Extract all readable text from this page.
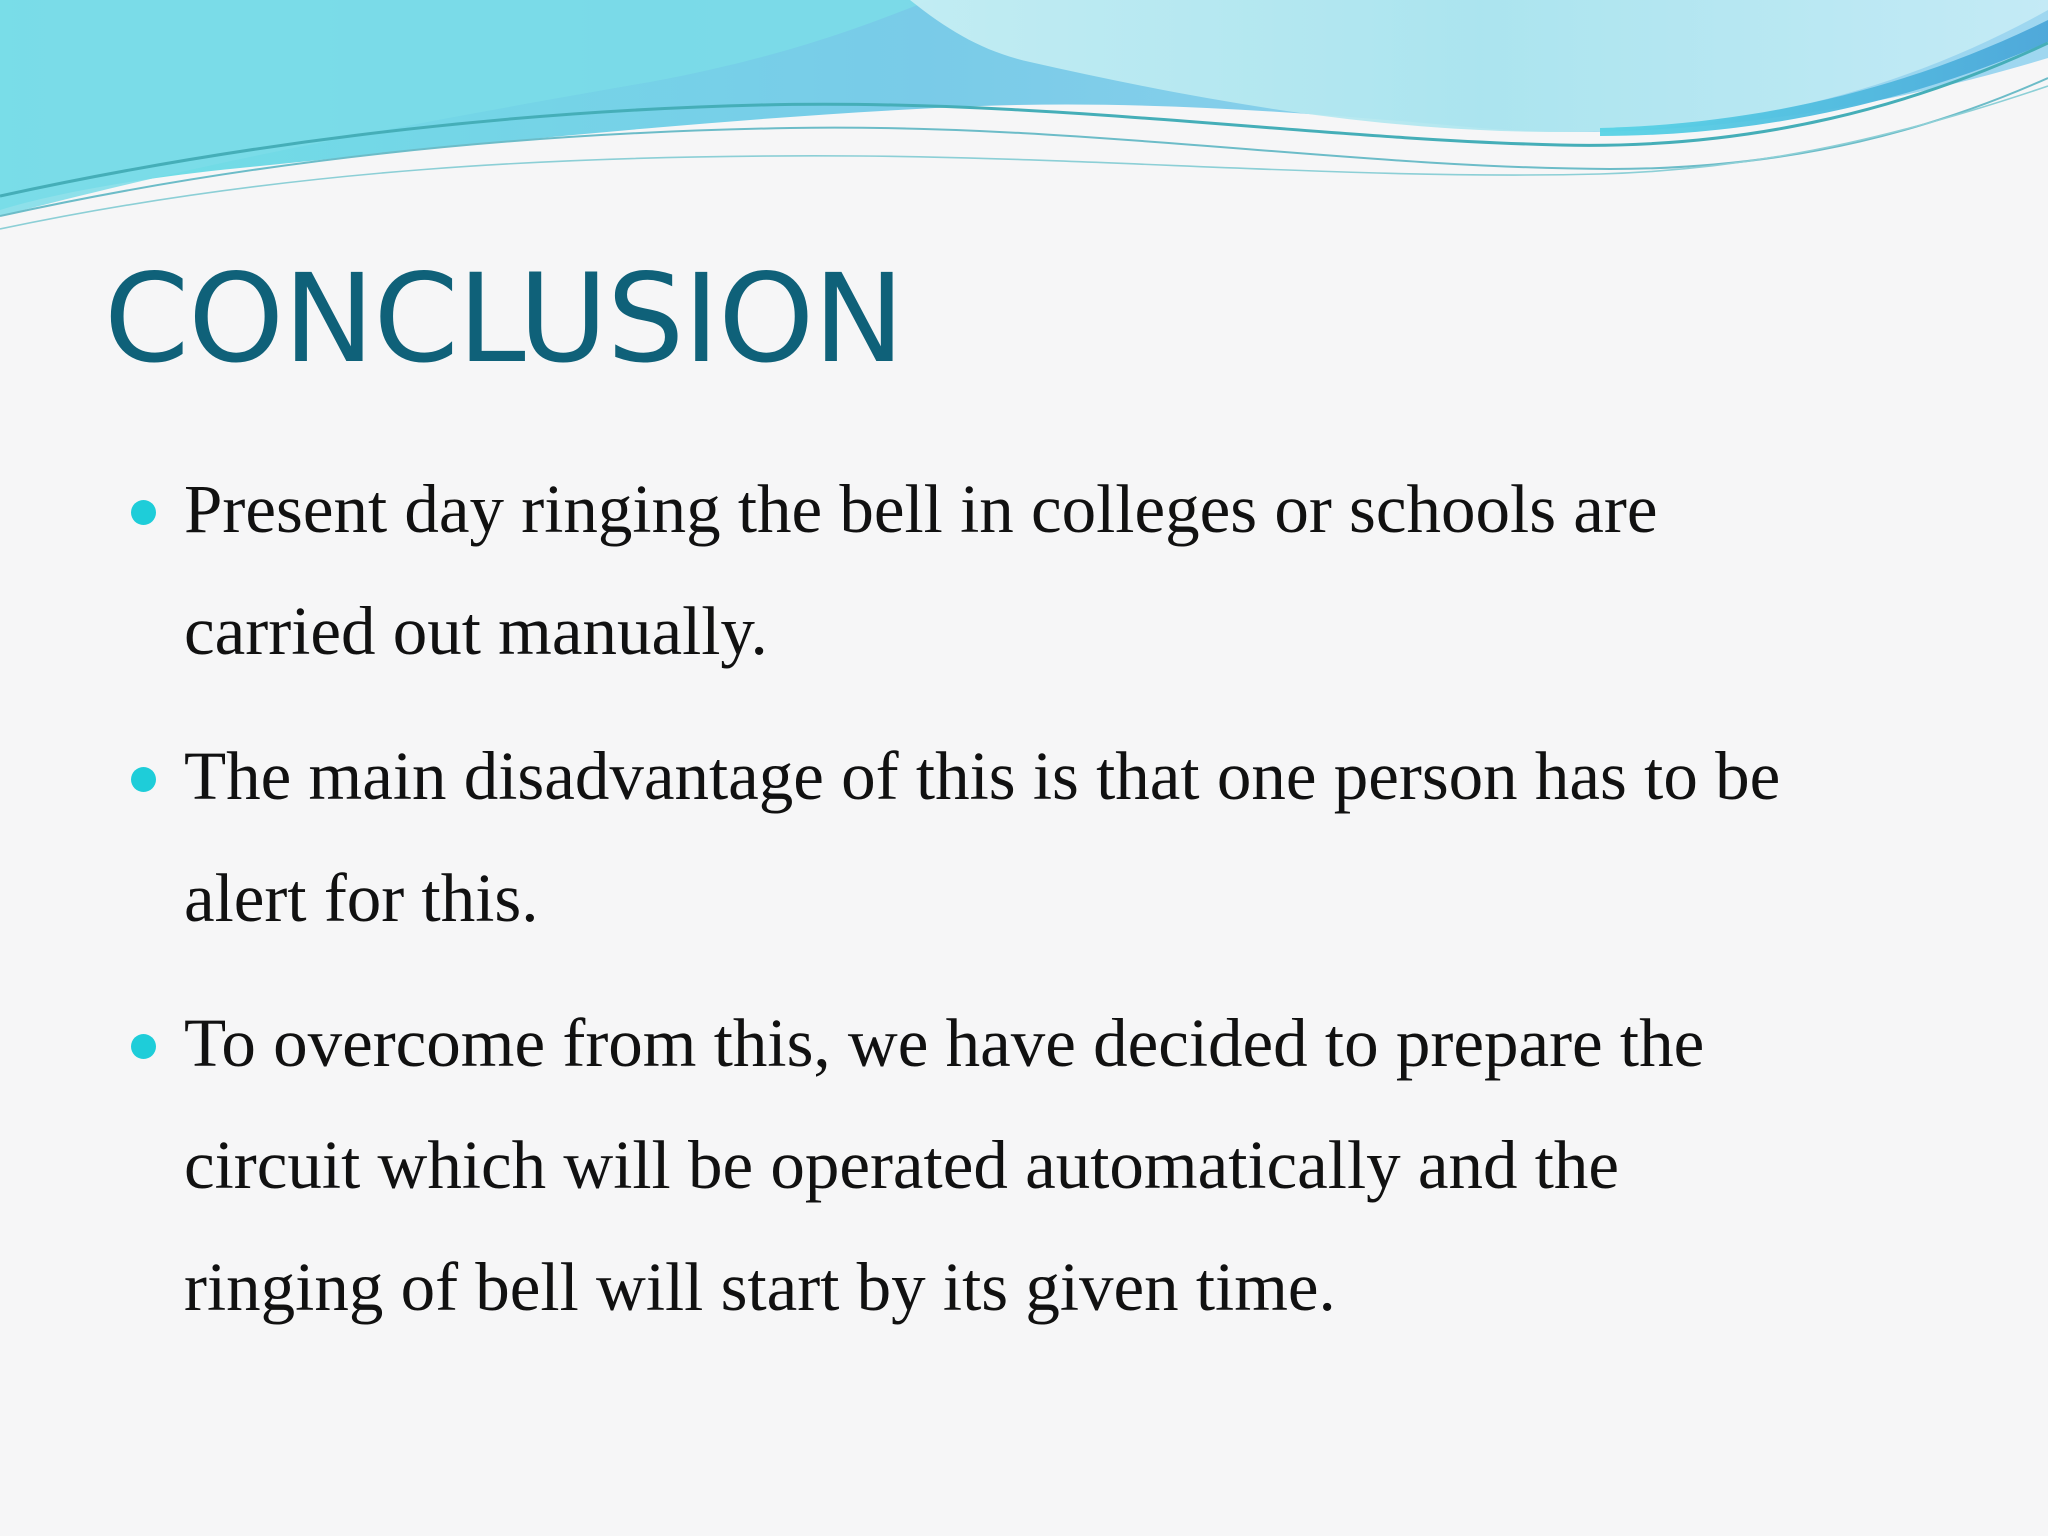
CONCLUSION
Present day ringing the bell in colleges or schools are
carried out manually.
The main disadvantage of this is that one person has to be
alert for this.
To overcome from this, we have decided to prepare the
circuit which will be operated automatically and the
ringing of bell will start by its given time.
